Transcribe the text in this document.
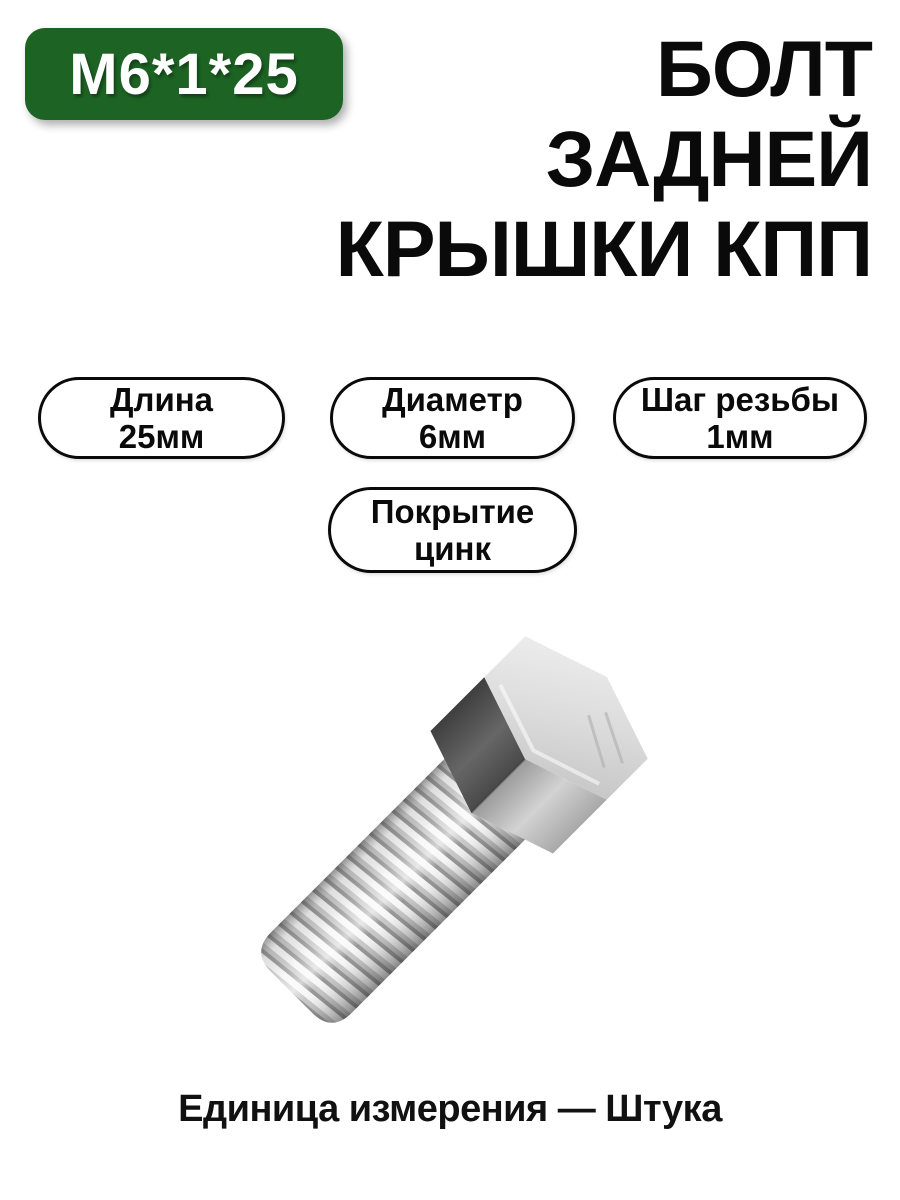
М6*1*25	БОЛТ
ЗАДНЕЙ
КРЫШКИ КПП
Длина
25мм
Диаметр
6мм
Шаг резьбы
1мм
Покрытие
цинк
Единица измерения — Штука
